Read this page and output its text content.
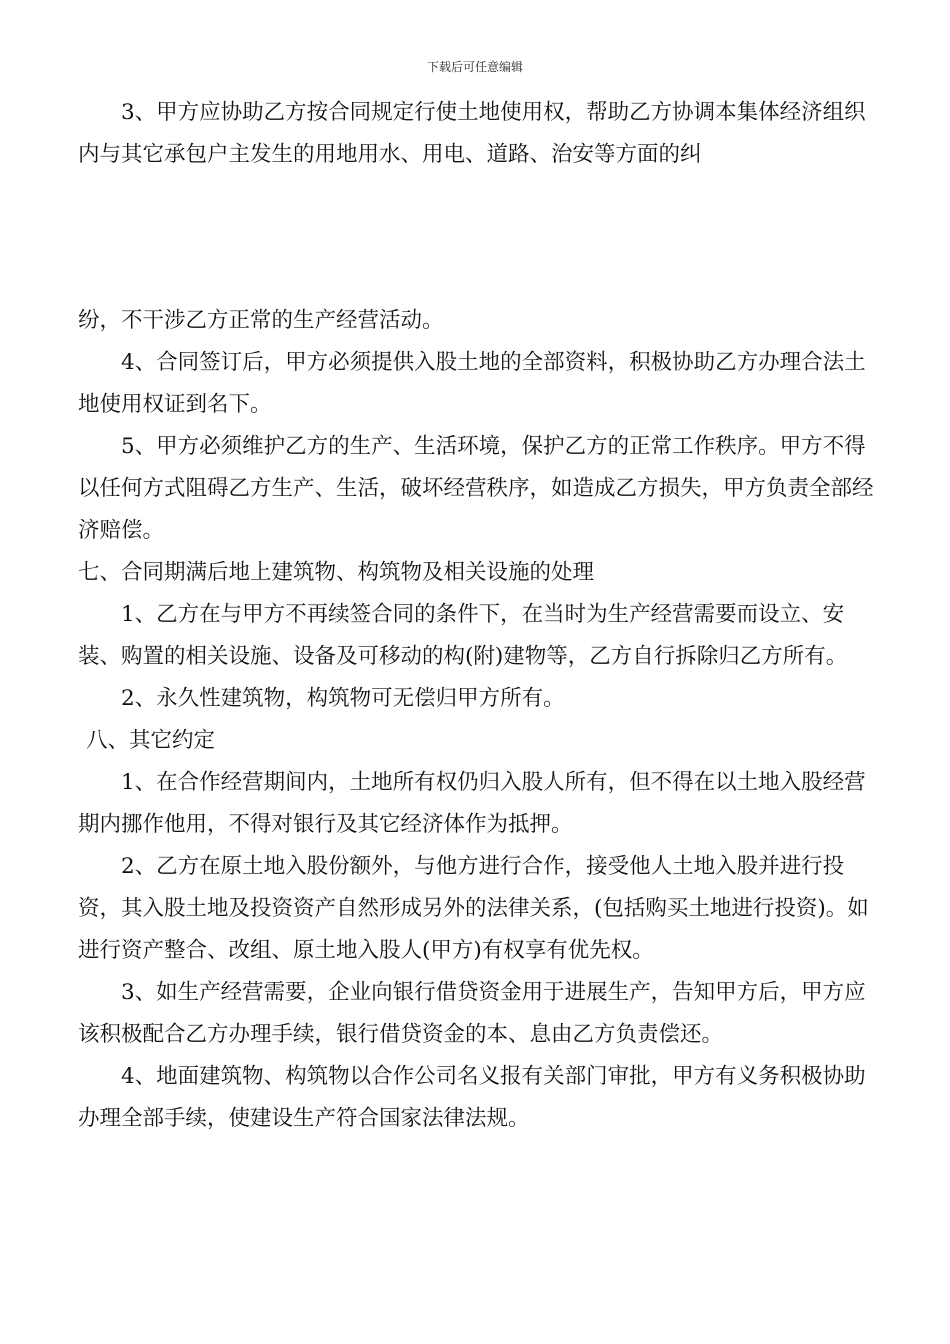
下载后可任意编辑

3、甲方应协助乙方按合同规定行使土地使用权，帮助乙方协调本集体经济组织内与其它承包户主发生的用地用水、用电、道路、治安等方面的纠

纷，不干涉乙方正常的生产经营活动。

4、合同签订后，甲方必须提供入股土地的全部资料，积极协助乙方办理合法土地使用权证到名下。

5、甲方必须维护乙方的生产、生活环境，保护乙方的正常工作秩序。甲方不得以任何方式阻碍乙方生产、生活，破坏经营秩序，如造成乙方损失，甲方负责全部经济赔偿。

七、合同期满后地上建筑物、构筑物及相关设施的处理

1、乙方在与甲方不再续签合同的条件下，在当时为生产经营需要而设立、安装、购置的相关设施、设备及可移动的构(附)建物等，乙方自行拆除归乙方所有。

2、永久性建筑物，构筑物可无偿归甲方所有。

八、其它约定

1、在合作经营期间内，土地所有权仍归入股人所有，但不得在以土地入股经营期内挪作他用，不得对银行及其它经济体作为抵押。

2、乙方在原土地入股份额外，与他方进行合作，接受他人土地入股并进行投资，其入股土地及投资资产自然形成另外的法律关系，(包括购买土地进行投资)。如进行资产整合、改组、原土地入股人(甲方)有权享有优先权。

3、如生产经营需要，企业向银行借贷资金用于进展生产，告知甲方后，甲方应该积极配合乙方办理手续，银行借贷资金的本、息由乙方负责偿还。

4、地面建筑物、构筑物以合作公司名义报有关部门审批，甲方有义务积极协助办理全部手续，使建设生产符合国家法律法规。
